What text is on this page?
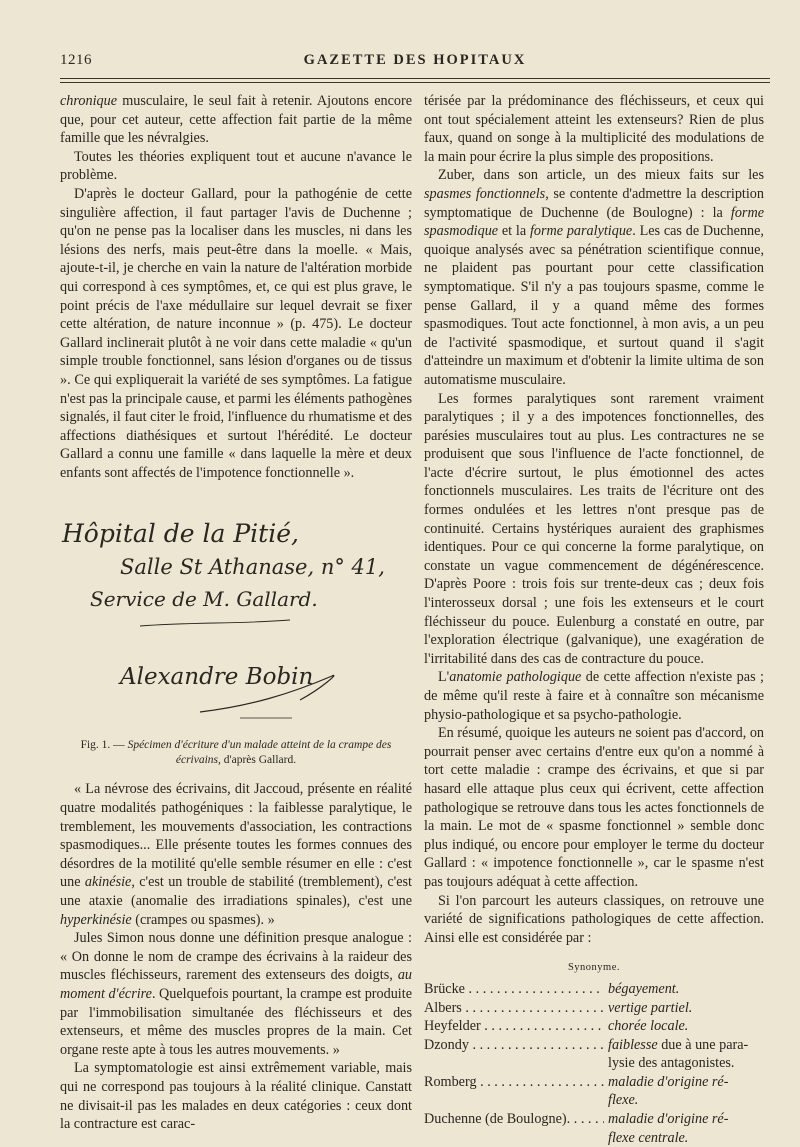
1216	GAZETTE DES HOPITAUX

chronique musculaire, le seul fait à retenir. Ajoutons encore que, pour cet auteur, cette affection fait partie de la même famille que les névralgies.

Toutes les théories expliquent tout et aucune n'avance le problème.

D'après le docteur Gallard, pour la pathogénie de cette singulière affection, il faut partager l'avis de Duchenne ; qu'on ne pense pas la localiser dans les muscles, ni dans les lésions des nerfs, mais peut-être dans la moelle. « Mais, ajoute-t-il, je cherche en vain la nature de l'altération morbide qui correspond à ces symptômes, et, ce qui est plus grave, le point précis de l'axe médullaire sur lequel devrait se fixer cette altération, de nature inconnue » (p. 475). Le docteur Gallard inclinerait plutôt à ne voir dans cette maladie « qu'un simple trouble fonctionnel, sans lésion d'organes ou de tissus ». Ce qui expliquerait la variété de ses symptômes. La fatigue n'est pas la principale cause, et parmi les éléments pathogènes signalés, il faut citer le froid, l'influence du rhumatisme et des affections diathésiques et surtout l'hérédité. Le docteur Gallard a connu une famille « dans laquelle la mère et deux enfants sont affectés de l'impotence fonctionnelle ».

Hôpital de la Pitié,
Salle St Athanase, n° 41,
Service de M. Gallard.
Alexandre Bobin
Fig. 1. — Spécimen d'écriture d'un malade atteint de la crampe des écrivains, d'après Gallard.

« La névrose des écrivains, dit Jaccoud, présente en réalité quatre modalités pathogéniques : la faiblesse paralytique, le tremblement, les mouvements d'association, les contractions spasmodiques... Elle présente toutes les formes connues des désordres de la motilité qu'elle semble résumer en elle : c'est une akinésie, c'est un trouble de stabilité (tremblement), c'est une ataxie (anomalie des irradiations spinales), c'est une hyperkinésie (crampes ou spasmes). »

Jules Simon nous donne une définition presque analogue : « On donne le nom de crampe des écrivains à la raideur des muscles fléchisseurs, rarement des extenseurs des doigts, au moment d'écrire. Quelquefois pourtant, la crampe est produite par l'immobilisation simultanée des fléchisseurs et des extenseurs, et même des muscles propres de la main. Cet organe reste apte à tous les autres mouvements. »

La symptomatologie est ainsi extrêmement variable, mais qui ne correspond pas toujours à la réalité clinique. Canstatt ne divisait-il pas les malades en deux catégories : ceux dont la contracture est carac-

térisée par la prédominance des fléchisseurs, et ceux qui ont tout spécialement atteint les extenseurs? Rien de plus faux, quand on songe à la multiplicité des modulations de la main pour écrire la plus simple des propositions.

Zuber, dans son article, un des mieux faits sur les spasmes fonctionnels, se contente d'admettre la description symptomatique de Duchenne (de Boulogne) : la forme spasmodique et la forme paralytique. Les cas de Duchenne, quoique analysés avec sa pénétration scientifique connue, ne plaident pas pourtant pour cette classification symptomatique. S'il n'y a pas toujours spasme, comme le pense Gallard, il y a quand même des formes spasmodiques. Tout acte fonctionnel, à mon avis, a un peu de l'activité spasmodique, et surtout quand il s'agit d'atteindre un maximum et d'obtenir la limite ultima de son automatisme musculaire.

Les formes paralytiques sont rarement vraiment paralytiques ; il y a des impotences fonctionnelles, des parésies musculaires tout au plus. Les contractures ne se produisent que sous l'influence de l'acte fonctionnel, de l'acte d'écrire surtout, le plus émotionnel des actes fonctionnels musculaires. Les traits de l'écriture ont des formes ondulées et les lettres n'ont presque pas de continuité. Certains hystériques auraient des graphismes identiques. Pour ce qui concerne la forme paralytique, on constate un vague commencement de dégénérescence. D'après Poore : trois fois sur trente-deux cas ; deux fois l'interosseux dorsal ; une fois les extenseurs et le court fléchisseur du pouce. Eulenburg a constaté en outre, par l'exploration électrique (galvanique), une exagération de l'irritabilité dans des cas de contracture du pouce.

L'anatomie pathologique de cette affection n'existe pas ; de même qu'il reste à faire et à connaître son mécanisme physio-pathologique et sa psycho-pathologie.

En résumé, quoique les auteurs ne soient pas d'accord, on pourrait penser avec certains d'entre eux qu'on a nommé à tort cette maladie : crampe des écrivains, et que si par hasard elle attaque plus ceux qui écrivent, cette affection pathologique se retrouve dans tous les actes fonctionnels de la main. Le mot de « spasme fonctionnel » semble donc plus indiqué, ou encore pour employer le terme du docteur Gallard : « impotence fonctionnelle », car le spasme n'est pas toujours adéquat à cette affection.

Si l'on parcourt les auteurs classiques, on retrouve une variété de significations pathologiques de cette affection. Ainsi elle est considérée par :

Synonyme.
Brücke . . .	bégayement.
Albers . . .	vertige partiel.
Heyfelder . . .	chorée locale.
Dzondy . . .	faiblesse due à une para-
lysie des antagonistes.
Romberg . . .	maladie d'origine ré-
flexe.
Duchenne (de Boulogne). . . .	maladie d'origine ré-
flexe centrale.
